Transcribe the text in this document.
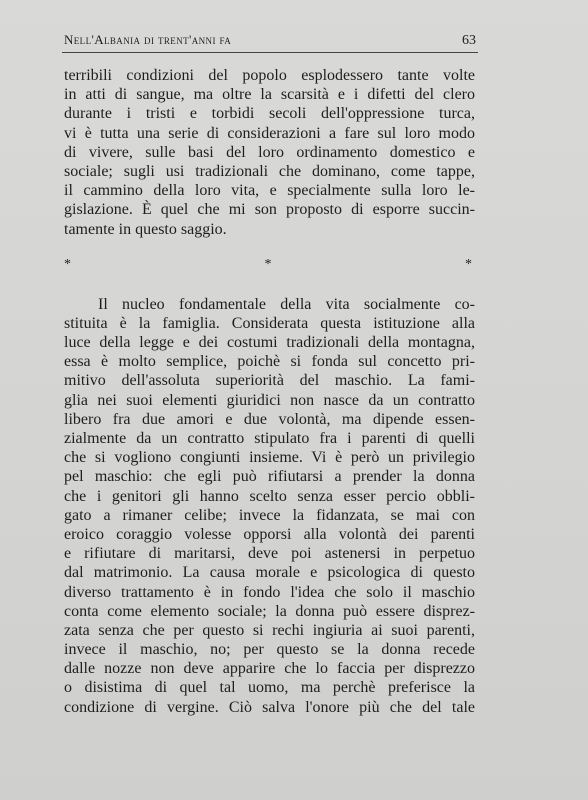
Nell'Albania di trent'anni fa	63
terribili condizioni del popolo esplodessero tante volte
in atti di sangue, ma oltre la scarsità e i difetti del clero
durante i tristi e torbidi secoli dell'oppressione turca,
vi è tutta una serie di considerazioni a fare sul loro modo
di vivere, sulle basi del loro ordinamento domestico e
sociale; sugli usi tradizionali che dominano, come tappe,
il cammino della loro vita, e specialmente sulla loro le-
gislazione. È quel che mi son proposto di esporre succin-
tamente in questo saggio.
* * *
Il nucleo fondamentale della vita socialmente co-
stituita è la famiglia. Considerata questa istituzione alla
luce della legge e dei costumi tradizionali della montagna,
essa è molto semplice, poichè si fonda sul concetto pri-
mitivo dell'assoluta superiorità del maschio. La fami-
glia nei suoi elementi giuridici non nasce da un contratto
libero fra due amori e due volontà, ma dipende essen-
zialmente da un contratto stipulato fra i parenti di quelli
che si vogliono congiunti insieme. Vi è però un privilegio
pel maschio: che egli può rifiutarsi a prender la donna
che i genitori gli hanno scelto senza esser percio obbli-
gato a rimaner celibe; invece la fidanzata, se mai con
eroico coraggio volesse opporsi alla volontà dei parenti
e rifiutare di maritarsi, deve poi astenersi in perpetuo
dal matrimonio. La causa morale e psicologica di questo
diverso trattamento è in fondo l'idea che solo il maschio
conta come elemento sociale; la donna può essere disprez-
zata senza che per questo si rechi ingiuria ai suoi parenti,
invece il maschio, no; per questo se la donna recede
dalle nozze non deve apparire che lo faccia per disprezzo
o disistima di quel tal uomo, ma perchè preferisce la
condizione di vergine. Ciò salva l'onore più che del tale
